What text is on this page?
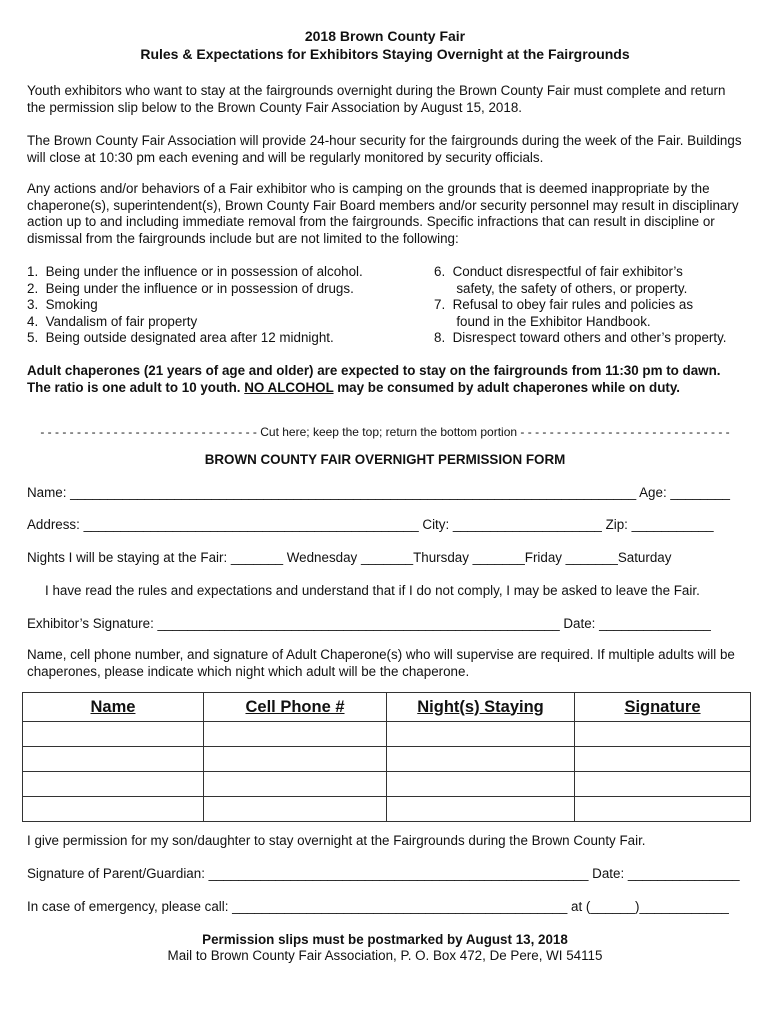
2018 Brown County Fair
Rules & Expectations for Exhibitors Staying Overnight at the Fairgrounds

Youth exhibitors who want to stay at the fairgrounds overnight during the Brown County Fair must complete and return the permission slip below to the Brown County Fair Association by August 15, 2018.

The Brown County Fair Association will provide 24-hour security for the fairgrounds during the week of the Fair. Buildings will close at 10:30 pm each evening and will be regularly monitored by security officials.

Any actions and/or behaviors of a Fair exhibitor who is camping on the grounds that is deemed inappropriate by the chaperone(s), superintendent(s), Brown County Fair Board members and/or security personnel may result in disciplinary action up to and including immediate removal from the fairgrounds. Specific infractions that can result in discipline or dismissal from the fairgrounds include but are not limited to the following:

1.  Being under the influence or in possession of alcohol.
2.  Being under the influence or in possession of drugs.
3.  Smoking
4.  Vandalism of fair property
5.  Being outside designated area after 12 midnight.
6.  Conduct disrespectful of fair exhibitor’s
safety, the safety of others, or property.
7.  Refusal to obey fair rules and policies as
found in the Exhibitor Handbook.
8.  Disrespect toward others and other’s property.

Adult chaperones (21 years of age and older) are expected to stay on the fairgrounds from 11:30 pm to dawn. The ratio is one adult to 10 youth. NO ALCOHOL may be consumed by adult chaperones while on duty.

- - - - - - - - - - - - - - - - - - - - - - - - - - - - - - Cut here; keep the top; return the bottom portion - - - - - - - - - - - - - - - - - - - - - - - - - - - - -
BROWN COUNTY FAIR OVERNIGHT PERMISSION FORM
Name: ____________________________________________________________________________ Age: ________
Address: _____________________________________________ City: ____________________ Zip: ___________
Nights I will be staying at the Fair: _______ Wednesday _______Thursday _______Friday _______Saturday
I have read the rules and expectations and understand that if I do not comply, I may be asked to leave the Fair.
Exhibitor’s Signature: ______________________________________________________ Date: _______________

Name, cell phone number, and signature of Adult Chaperone(s) who will supervise are required. If multiple adults will be chaperones, please indicate which night which adult will be the chaperone.

Name	Cell Phone #	Night(s) Staying	Signature

I give permission for my son/daughter to stay overnight at the Fairgrounds during the Brown County Fair.
Signature of Parent/Guardian: ___________________________________________________ Date: _______________
In case of emergency, please call: _____________________________________________ at (______)____________
Permission slips must be postmarked by August 13, 2018
Mail to Brown County Fair Association, P. O. Box 472, De Pere, WI 54115
